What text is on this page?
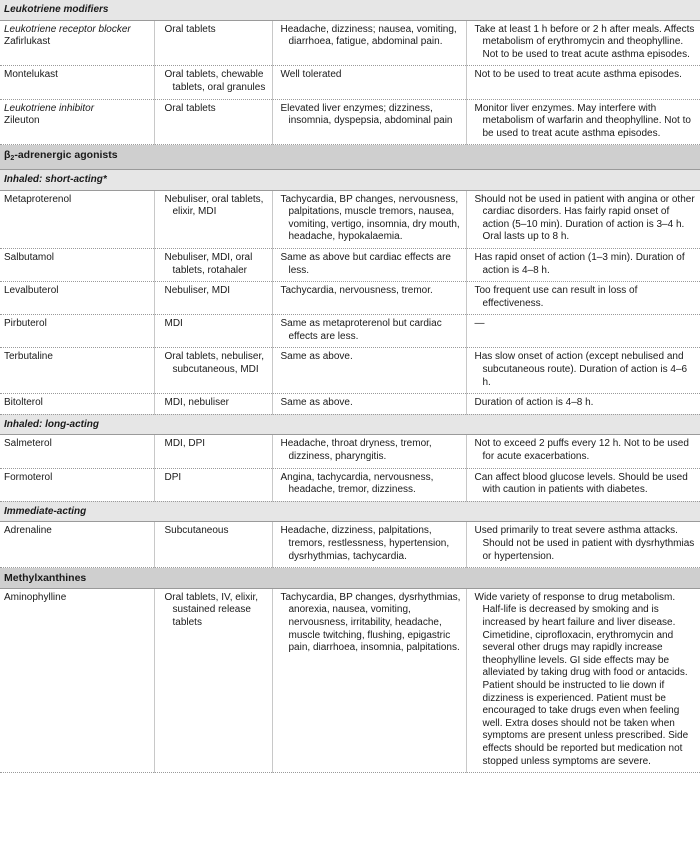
Leukotriene modifiers			

Leukotriene receptor blocker
Zafirlukast	Oral tablets	Headache, dizziness; nausea, vomiting, diarrhoea, fatigue, abdominal pain.	Take at least 1 h before or 2 h after meals. Affects metabolism of erythromycin and theophylline. Not to be used to treat acute asthma episodes.

Montelukast	Oral tablets, chewable tablets, oral granules	Well tolerated	Not to be used to treat acute asthma episodes.

Leukotriene inhibitor
Zileuton	Oral tablets	Elevated liver enzymes; dizziness, insomnia, dyspepsia, abdominal pain	Monitor liver enzymes. May interfere with metabolism of warfarin and theophylline. Not to be used to treat acute asthma episodes.

$\beta_2$-adrenergic agonists			
Inhaled: short-acting*			

Metaproterenol	Nebuliser, oral tablets, elixir, MDI	Tachycardia, BP changes, nervousness, palpitations, muscle tremors, nausea, vomiting, vertigo, insomnia, dry mouth, headache, hypokalaemia.	Should not be used in patient with angina or other cardiac disorders. Has fairly rapid onset of action (5–10 min). Duration of action is 3–4 h. Oral lasts up to 8 h.

Salbutamol	Nebuliser, MDI, oral tablets, rotahaler	Same as above but cardiac effects are less.	Has rapid onset of action (1–3 min). Duration of action is 4–8 h.

Levalbuterol	Nebuliser, MDI	Tachycardia, nervousness, tremor.	Too frequent use can result in loss of effectiveness.

Pirbuterol	MDI	Same as metaproterenol but cardiac effects are less.	—

Terbutaline	Oral tablets, nebuliser, subcutaneous, MDI	Same as above.	Has slow onset of action (except nebulised and subcutaneous route). Duration of action is 4–6 h.

Bitolterol	MDI, nebuliser	Same as above.	Duration of action is 4–8 h.

Inhaled: long-acting			

Salmeterol	MDI, DPI	Headache, throat dryness, tremor, dizziness, pharyngitis.	Not to exceed 2 puffs every 12 h. Not to be used for acute exacerbations.

Formoterol	DPI	Angina, tachycardia, nervousness, headache, tremor, dizziness.	Can affect blood glucose levels. Should be used with caution in patients with diabetes.

Immediate-acting			

Adrenaline	Subcutaneous	Headache, dizziness, palpitations, tremors, restlessness, hypertension, dysrhythmias, tachycardia.	Used primarily to treat severe asthma attacks. Should not be used in patient with dysrhythmias or hypertension.

Methylxanthines			

Aminophylline	Oral tablets, IV, elixir, sustained release tablets	Tachycardia, BP changes, dysrhythmias, anorexia, nausea, vomiting, nervousness, irritability, headache, muscle twitching, flushing, epigastric pain, diarrhoea, insomnia, palpitations.	Wide variety of response to drug metabolism. Half-life is decreased by smoking and is increased by heart failure and liver disease. Cimetidine, ciprofloxacin, erythromycin and several other drugs may rapidly increase theophylline levels. GI side effects may be alleviated by taking drug with food or antacids. Patient should be instructed to lie down if dizziness is experienced. Patient must be encouraged to take drugs even when feeling well. Extra doses should not be taken when symptoms are present unless prescribed. Side effects should be reported but medication not stopped unless symptoms are severe.
